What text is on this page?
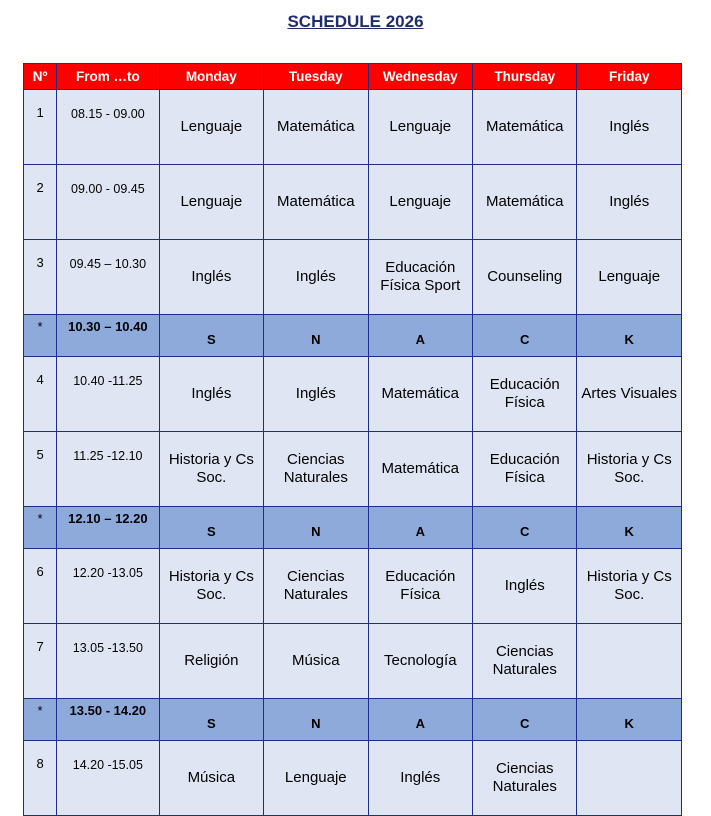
SCHEDULE 2026
Nº	From …to	Monday	Tuesday	Wednesday	Thursday	Friday
1	08.15 - 09.00	Lenguaje	Matemática	Lenguaje	Matemática	Inglés
2	09.00 - 09.45	Lenguaje	Matemática	Lenguaje	Matemática	Inglés
3	09.45 – 10.30	Inglés	Inglés	Educación Física Sport	Counseling	Lenguaje
*	10.30 – 10.40	S	N	A	C	K
4	10.40 -11.25	Inglés	Inglés	Matemática	Educación Física	Artes Visuales
5	11.25 -12.10	Historia y Cs Soc.	Ciencias Naturales	Matemática	Educación Física	Historia y Cs Soc.
*	12.10 – 12.20	S	N	A	C	K
6	12.20 -13.05	Historia y Cs Soc.	Ciencias Naturales	Educación Física	Inglés	Historia y Cs Soc.
7	13.05 -13.50	Religión	Música	Tecnología	Ciencias Naturales	
*	13.50 - 14.20	S	N	A	C	K
8	14.20 -15.05	Música	Lenguaje	Inglés	Ciencias Naturales	
